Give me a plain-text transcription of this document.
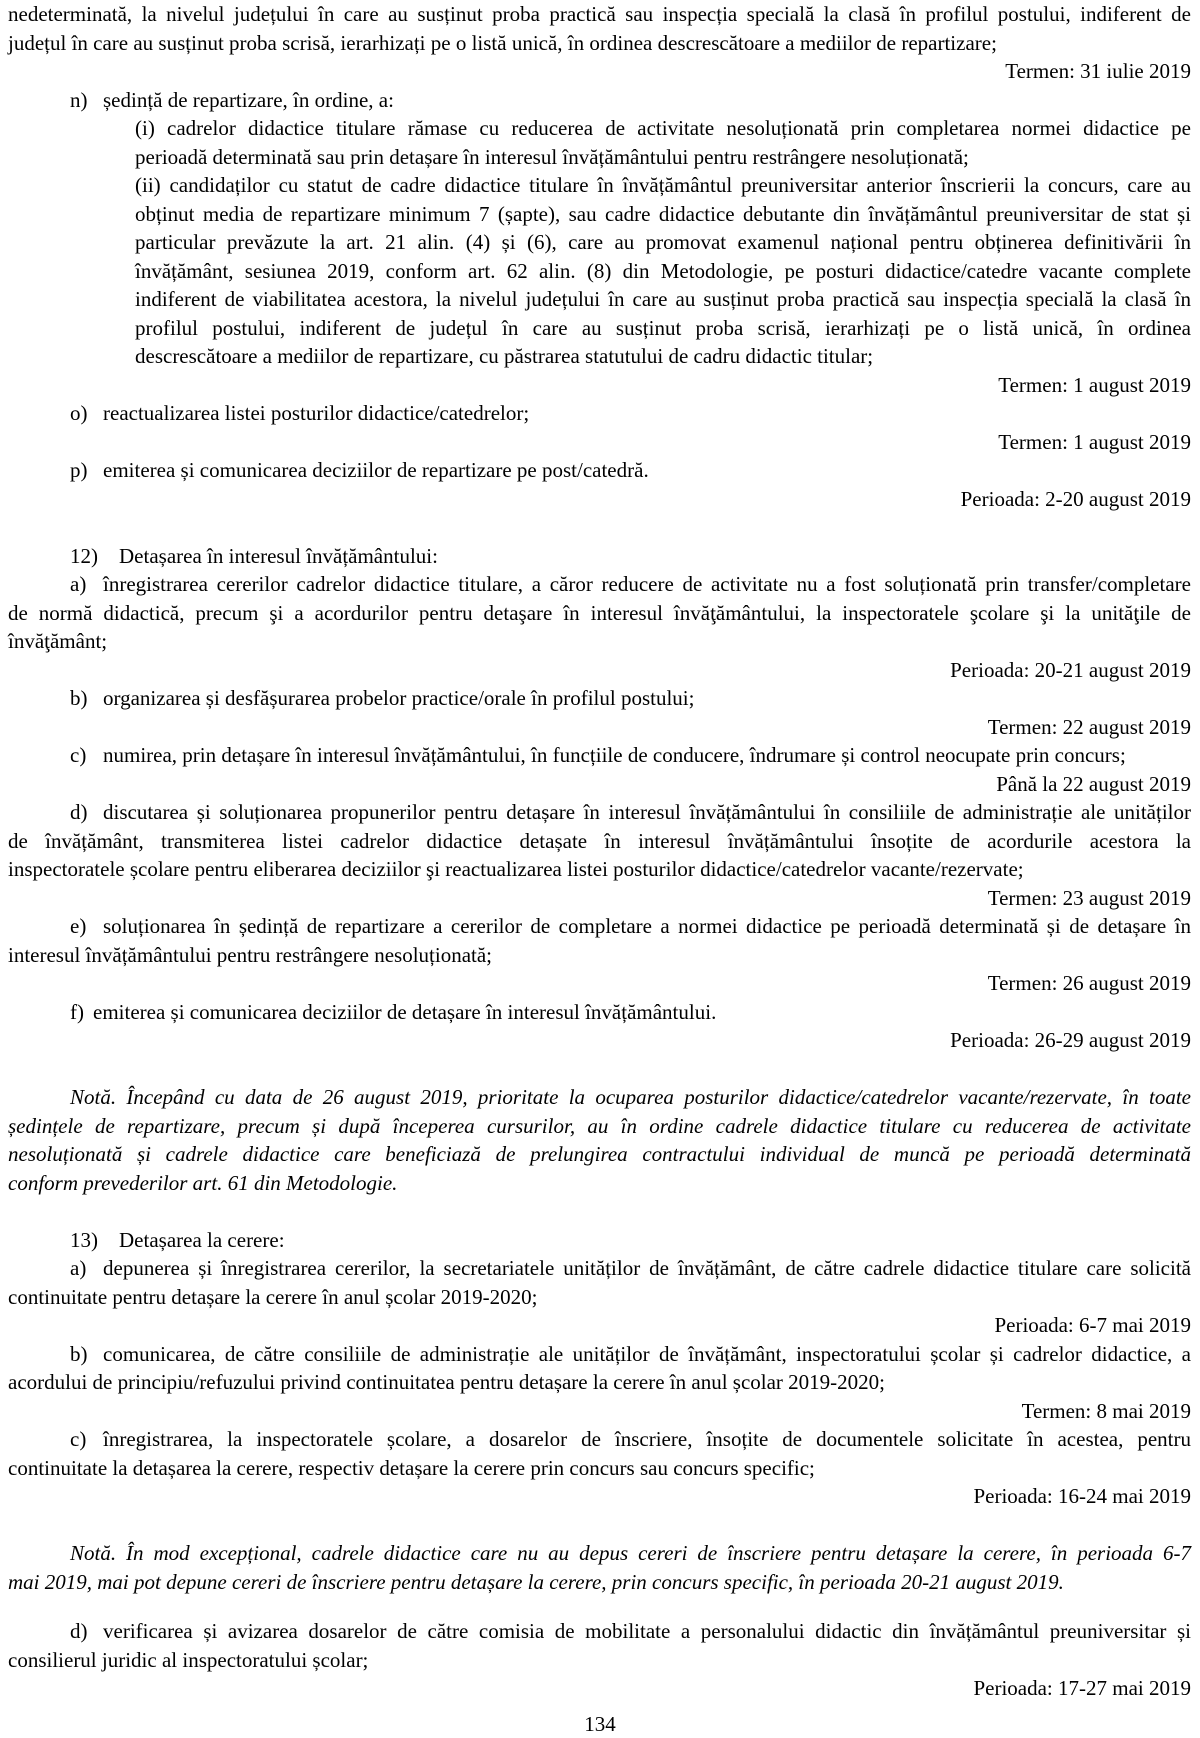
nedeterminată, la nivelul județului în care au susținut proba practică sau inspecția specială la clasă în profilul postului, indiferent de
județul în care au susținut proba scrisă, ierarhizați pe o listă unică, în ordinea descrescătoare a mediilor de repartizare;
Termen: 31 iulie 2019
n) ședință de repartizare, în ordine, a:
(i) cadrelor didactice titulare rămase cu reducerea de activitate nesoluționată prin completarea normei didactice pe
perioadă determinată sau prin detașare în interesul învățământului pentru restrângere nesoluționată;
(ii) candidaților cu statut de cadre didactice titulare în învățământul preuniversitar anterior înscrierii la concurs, care au
obținut media de repartizare minimum 7 (șapte), sau cadre didactice debutante din învățământul preuniversitar de stat și
particular prevăzute la art. 21 alin. (4) și (6), care au promovat examenul național pentru obținerea definitivării în
învățământ, sesiunea 2019, conform art. 62 alin. (8) din Metodologie, pe posturi didactice/catedre vacante complete
indiferent de viabilitatea acestora, la nivelul județului în care au susținut proba practică sau inspecția specială la clasă în
profilul postului, indiferent de județul în care au susținut proba scrisă, ierarhizați pe o listă unică, în ordinea
descrescătoare a mediilor de repartizare, cu păstrarea statutului de cadru didactic titular;
Termen: 1 august 2019
o) reactualizarea listei posturilor didactice/catedrelor;
Termen: 1 august 2019
p) emiterea și comunicarea deciziilor de repartizare pe post/catedră.
Perioada: 2-20 august 2019
12) Detașarea în interesul învățământului:
a) înregistrarea cererilor cadrelor didactice titulare, a căror reducere de activitate nu a fost soluționată prin transfer/completare
de normă didactică, precum şi a acordurilor pentru detaşare în interesul învăţământului, la inspectoratele şcolare şi la unităţile de
învăţământ;
Perioada: 20-21 august 2019
b) organizarea și desfășurarea probelor practice/orale în profilul postului;
Termen: 22 august 2019
c) numirea, prin detașare în interesul învățământului, în funcțiile de conducere, îndrumare și control neocupate prin concurs;
Până la 22 august 2019
d) discutarea și soluționarea propunerilor pentru detașare în interesul învățământului în consiliile de administrație ale unităților
de învățământ, transmiterea listei cadrelor didactice detașate în interesul învățământului însoțite de acordurile acestora la
inspectoratele școlare pentru eliberarea deciziilor şi reactualizarea listei posturilor didactice/catedrelor vacante/rezervate;
Termen: 23 august 2019
e) soluționarea în ședință de repartizare a cererilor de completare a normei didactice pe perioadă determinată și de detașare în
interesul învățământului pentru restrângere nesoluționată;
Termen: 26 august 2019
f) emiterea și comunicarea deciziilor de detașare în interesul învățământului.
Perioada: 26-29 august 2019
Notă. Începând cu data de 26 august 2019, prioritate la ocuparea posturilor didactice/catedrelor vacante/rezervate, în toate
ședințele de repartizare, precum și după începerea cursurilor, au în ordine cadrele didactice titulare cu reducerea de activitate
nesoluționată și cadrele didactice care beneficiază de prelungirea contractului individual de muncă pe perioadă determinată
conform prevederilor art. 61 din Metodologie.
13) Detașarea la cerere:
a) depunerea și înregistrarea cererilor, la secretariatele unităților de învățământ, de către cadrele didactice titulare care solicită
continuitate pentru detașare la cerere în anul școlar 2019-2020;
Perioada: 6-7 mai 2019
b) comunicarea, de către consiliile de administrație ale unităților de învățământ, inspectoratului școlar și cadrelor didactice, a
acordului de principiu/refuzului privind continuitatea pentru detașare la cerere în anul școlar 2019-2020;
Termen: 8 mai 2019
c) înregistrarea, la inspectoratele școlare, a dosarelor de înscriere, însoțite de documentele solicitate în acestea, pentru
continuitate la detașarea la cerere, respectiv detașare la cerere prin concurs sau concurs specific;
Perioada: 16-24 mai 2019
Notă. În mod excepțional, cadrele didactice care nu au depus cereri de înscriere pentru detașare la cerere, în perioada 6-7
mai 2019, mai pot depune cereri de înscriere pentru detașare la cerere, prin concurs specific, în perioada 20-21 august 2019.
d) verificarea și avizarea dosarelor de către comisia de mobilitate a personalului didactic din învățământul preuniversitar și
consilierul juridic al inspectoratului școlar;
Perioada: 17-27 mai 2019
134
